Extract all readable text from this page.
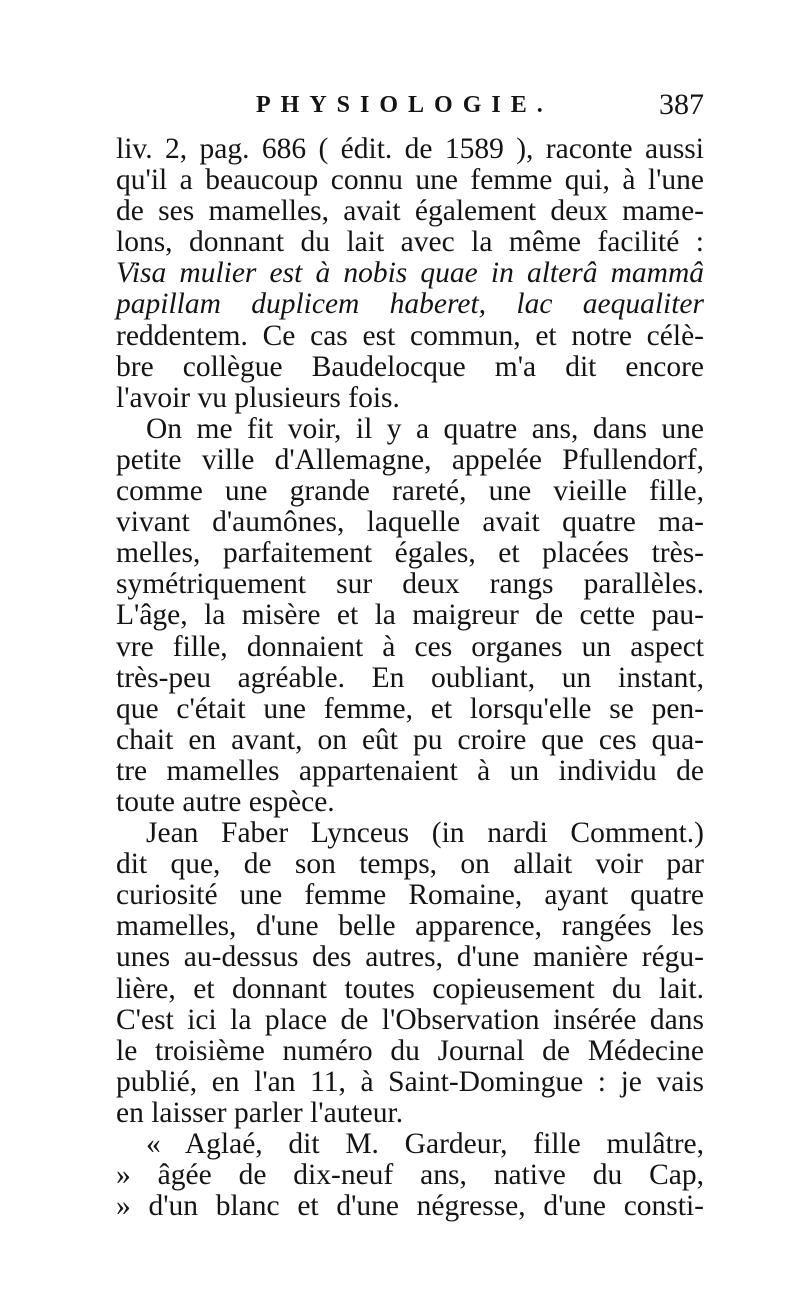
PHYSIOLOGIE.	387
liv. 2, pag. 686 ( édit. de 1589 ), raconte aussi
qu'il a beaucoup connu une femme qui, à l'une
de ses mamelles, avait également deux mame-
lons, donnant du lait avec la même facilité :
Visa mulier est à nobis quae in alterâ mammâ
papillam duplicem haberet, lac aequaliter
reddentem. Ce cas est commun, et notre célè-
bre collègue Baudelocque m'a dit encore
l'avoir vu plusieurs fois.
On me fit voir, il y a quatre ans, dans une
petite ville d'Allemagne, appelée Pfullendorf,
comme une grande rareté, une vieille fille,
vivant d'aumônes, laquelle avait quatre ma-
melles, parfaitement égales, et placées très-
symétriquement sur deux rangs parallèles.
L'âge, la misère et la maigreur de cette pau-
vre fille, donnaient à ces organes un aspect
très-peu agréable. En oubliant, un instant,
que c'était une femme, et lorsqu'elle se pen-
chait en avant, on eût pu croire que ces qua-
tre mamelles appartenaient à un individu de
toute autre espèce.
Jean Faber Lynceus (in nardi Comment.)
dit que, de son temps, on allait voir par
curiosité une femme Romaine, ayant quatre
mamelles, d'une belle apparence, rangées les
unes au-dessus des autres, d'une manière régu-
lière, et donnant toutes copieusement du lait.
C'est ici la place de l'Observation insérée dans
le troisième numéro du Journal de Médecine
publié, en l'an 11, à Saint-Domingue : je vais
en laisser parler l'auteur.
« Aglaé, dit M. Gardeur, fille mulâtre,
» âgée de dix-neuf ans, native du Cap,
» d'un blanc et d'une négresse, d'une consti-
